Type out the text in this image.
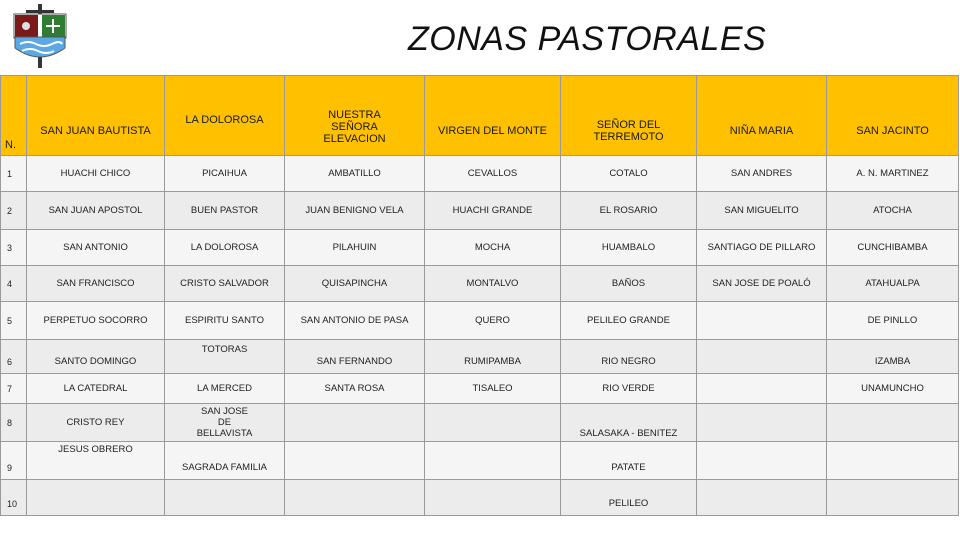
ZONAS PASTORALES
N.	SAN JUAN BAUTISTA	LA DOLOROSA	NUESTRA SEÑORA ELEVACION	VIRGEN DEL MONTE	SEÑOR DEL TERREMOTO	NIÑA MARIA	SAN JACINTO
1	HUACHI CHICO	PICAIHUA	AMBATILLO	CEVALLOS	COTALO	SAN ANDRES	A. N. MARTINEZ
2	SAN JUAN APOSTOL	BUEN PASTOR	JUAN BENIGNO VELA	HUACHI GRANDE	EL ROSARIO	SAN MIGUELITO	ATOCHA
3	SAN ANTONIO	LA DOLOROSA	PILAHUIN	MOCHA	HUAMBALO	SANTIAGO DE PILLARO	CUNCHIBAMBA
4	SAN FRANCISCO	CRISTO SALVADOR	QUISAPINCHA	MONTALVO	BAÑOS	SAN JOSE DE POALÓ	ATAHUALPA
5	PERPETUO SOCORRO	ESPIRITU SANTO	SAN ANTONIO DE PASA	QUERO	PELILEO GRANDE		DE PINLLO
6	SANTO DOMINGO	TOTORAS	SAN FERNANDO	RUMIPAMBA	RIO NEGRO		IZAMBA
7	LA CATEDRAL	LA MERCED	SANTA ROSA	TISALEO	RIO VERDE		UNAMUNCHO
8	CRISTO REY	SAN JOSE DE BELLAVISTA			SALASAKA - BENITEZ		
9	JESUS OBRERO	SAGRADA FAMILIA			PATATE		
10					PELILEO		
